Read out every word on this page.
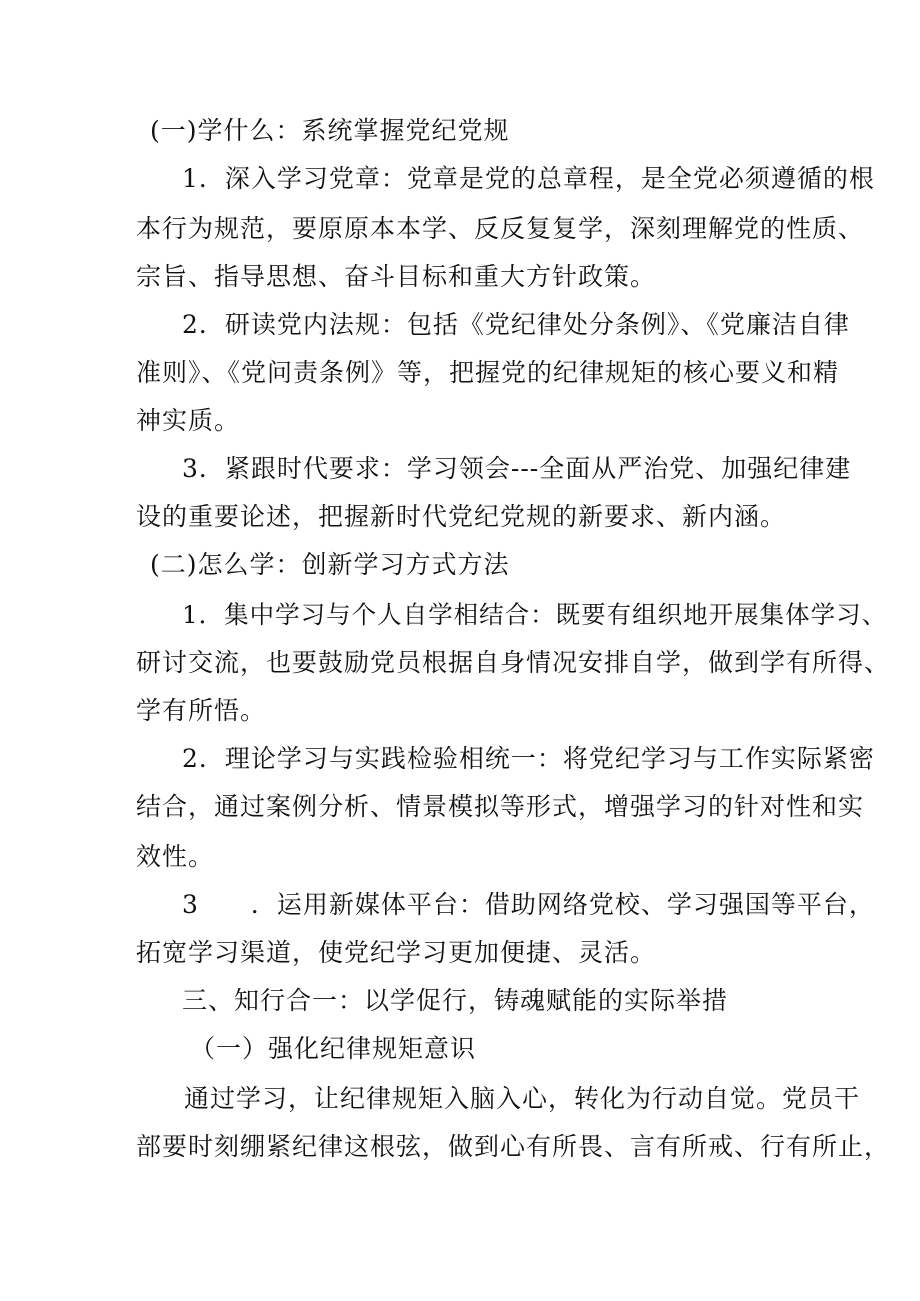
(一)学什么：系统掌握党纪党规
1．深入学习党章：党章是党的总章程，是全党必须遵循的根
本行为规范，要原原本本学、反反复复学，深刻理解党的性质、
宗旨、指导思想、奋斗目标和重大方针政策。
2．研读党内法规：包括《党纪律处分条例》、《党廉洁自律
准则》、《党问责条例》等，把握党的纪律规矩的核心要义和精
神实质。
3．紧跟时代要求：学习领会---全面从严治党、加强纪律建
设的重要论述，把握新时代党纪党规的新要求、新内涵。
(二)怎么学：创新学习方式方法
1．集中学习与个人自学相结合：既要有组织地开展集体学习、
研讨交流，也要鼓励党员根据自身情况安排自学，做到学有所得、
学有所悟。
2．理论学习与实践检验相统一：将党纪学习与工作实际紧密
结合，通过案例分析、情景模拟等形式，增强学习的针对性和实
效性。
3　　．运用新媒体平台：借助网络党校、学习强国等平台，
拓宽学习渠道，使党纪学习更加便捷、灵活。
三、知行合一：以学促行，铸魂赋能的实际举措
（一）强化纪律规矩意识
通过学习，让纪律规矩入脑入心，转化为行动自觉。党员干
部要时刻绷紧纪律这根弦，做到心有所畏、言有所戒、行有所止，
